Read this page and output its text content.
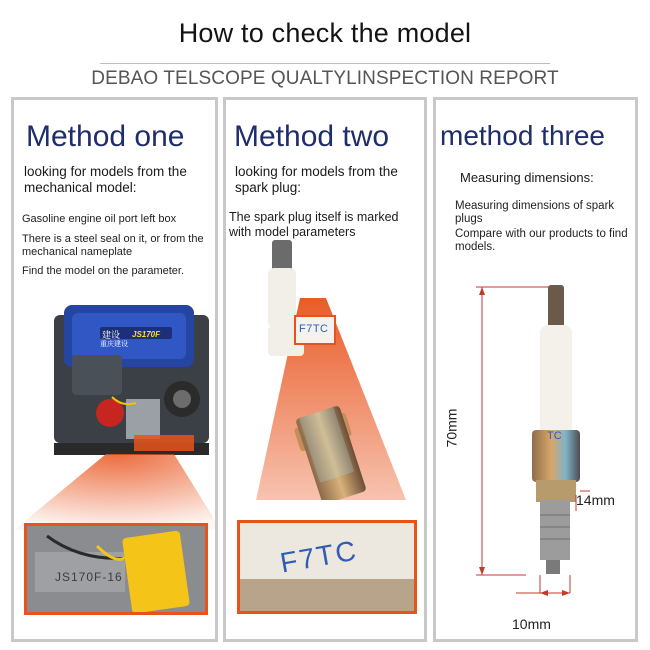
How to check the model
DEBAO TELSCOPE QUALTYLINSPECTION REPORT
Method one
looking for models from the mechanical model:
Gasoline engine oil port left box
There is a steel seal on it, or from the mechanical nameplate
Find the model on the parameter.
建设
重庆建设
JS170F
JS170F-16
Method two
looking for models from the spark plug:
The spark plug itself is marked with model parameters
F7TC
F7TC
method three
Measuring dimensions:
Measuring dimensions of spark plugs
Compare with our products to find models.
TC
70mm
14mm
10mm
